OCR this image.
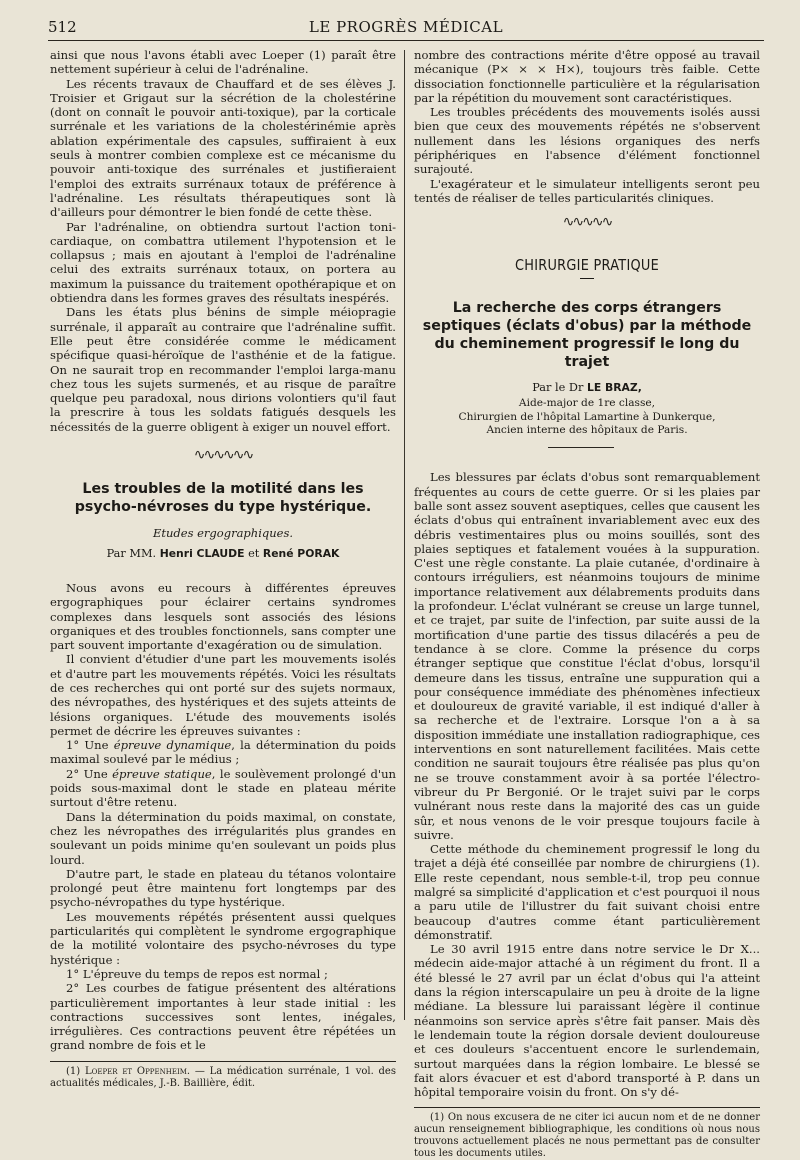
512	LE PROGRÈS MÉDICAL

ainsi que nous l'avons établi avec Loeper (1) paraît être nettement supérieur à celui de l'adrénaline.

Les récents travaux de Chauffard et de ses élèves J. Troisier et Grigaut sur la sécrétion de la cholestérine (dont on connaît le pouvoir anti-toxique), par la corticale surrénale et les variations de la cholestérinémie après ablation expérimentale des capsules, suffiraient à eux seuls à montrer combien complexe est ce mécanisme du pouvoir anti-toxique des surrénales et justifieraient l'emploi des extraits surrénaux totaux de préférence à l'adrénaline. Les résultats thérapeutiques sont là d'ailleurs pour démontrer le bien fondé de cette thèse.

Par l'adrénaline, on obtiendra surtout l'action toni-cardiaque, on combattra utilement l'hypotension et le collapsus ; mais en ajoutant à l'emploi de l'adrénaline celui des extraits surrénaux totaux, on portera au maximum la puissance du traitement opothérapique et on obtiendra dans les formes graves des résultats inespérés.

Dans les états plus bénins de simple méiopragie surrénale, il apparaît au contraire que l'adrénaline suffit. Elle peut être considérée comme le médicament spécifique quasi-héroïque de l'asthénie et de la fatigue. On ne saurait trop en recommander l'emploi larga-manu chez tous les sujets surmenés, et au risque de paraître quelque peu paradoxal, nous dirions volontiers qu'il faut la prescrire à tous les soldats fatigués desquels les nécessités de la guerre obligent à exiger un nouvel effort.

∿∿∿∿∿∿
Les troubles de la motilité dans les psycho-névroses du type hystérique.
Etudes ergographiques.
Par MM. Henri CLAUDE et René PORAK

Nous avons eu recours à différentes épreuves ergographiques pour éclairer certains syndromes complexes dans lesquels sont associés des lésions organiques et des troubles fonctionnels, sans compter une part souvent importante d'exagération ou de simulation.

Il convient d'étudier d'une part les mouvements isolés et d'autre part les mouvements répétés. Voici les résultats de ces recherches qui ont porté sur des sujets normaux, des névropathes, des hystériques et des sujets atteints de lésions organiques. L'étude des mouvements isolés permet de décrire les épreuves suivantes :

1° Une épreuve dynamique, la détermination du poids maximal soulevé par le médius ;

2° Une épreuve statique, le soulèvement prolongé d'un poids sous-maximal dont le stade en plateau mérite surtout d'être retenu.

Dans la détermination du poids maximal, on constate, chez les névropathes des irrégularités plus grandes en soulevant un poids minime qu'en soulevant un poids plus lourd.

D'autre part, le stade en plateau du tétanos volontaire prolongé peut être maintenu fort longtemps par des psycho-névropathes du type hystérique.

Les mouvements répétés présentent aussi quelques particularités qui complètent le syndrome ergographique de la motilité volontaire des psycho-névroses du type hystérique :

1° L'épreuve du temps de repos est normal ;

2° Les courbes de fatigue présentent des altérations particulièrement importantes à leur stade initial : les contractions successives sont lentes, inégales, irrégulières. Ces contractions peuvent être répétées un grand nombre de fois et le

(1) Loeper et Oppenheim. — La médication surrénale, 1 vol. des actualités médicales, J.-B. Baillière, édit.

nombre des contractions mérite d'être opposé au travail mécanique (P× × × H×), toujours très faible. Cette dissociation fonctionnelle particulière et la régularisation par la répétition du mouvement sont caractéristiques.

Les troubles précédents des mouvements isolés aussi bien que ceux des mouvements répétés ne s'observent nullement dans les lésions organiques des nerfs périphériques en l'absence d'élément fonctionnel surajouté.

L'exagérateur et le simulateur intelligents seront peu tentés de réaliser de telles particularités cliniques.

∿∿∿∿∿
CHIRURGIE PRATIQUE
La recherche des corps étrangers septiques (éclats d'obus) par la méthode du cheminement progressif le long du trajet
Par le Dr LE BRAZ,
Aide-major de 1re classe,
Chirurgien de l'hôpital Lamartine à Dunkerque,
Ancien interne des hôpitaux de Paris.

Les blessures par éclats d'obus sont remarquablement fréquentes au cours de cette guerre. Or si les plaies par balle sont assez souvent aseptiques, celles que causent les éclats d'obus qui entraînent invariablement avec eux des débris vestimentaires plus ou moins souillés, sont des plaies septiques et fatalement vouées à la suppuration. C'est une règle constante. La plaie cutanée, d'ordinaire à contours irréguliers, est néanmoins toujours de minime importance relativement aux délabrements produits dans la profondeur. L'éclat vulnérant se creuse un large tunnel, et ce trajet, par suite de l'infection, par suite aussi de la mortification d'une partie des tissus dilacérés a peu de tendance à se clore. Comme la présence du corps étranger septique que constitue l'éclat d'obus, lorsqu'il demeure dans les tissus, entraîne une suppuration qui a pour conséquence immédiate des phénomènes infectieux et douloureux de gravité variable, il est indiqué d'aller à sa recherche et de l'extraire. Lorsque l'on a à sa disposition immédiate une installation radiographique, ces interventions en sont naturellement facilitées. Mais cette condition ne saurait toujours être réalisée pas plus qu'on ne se trouve constamment avoir à sa portée l'électro-vibreur du Pr Bergonié. Or le trajet suivi par le corps vulnérant nous reste dans la majorité des cas un guide sûr, et nous venons de le voir presque toujours facile à suivre.

Cette méthode du cheminement progressif le long du trajet a déjà été conseillée par nombre de chirurgiens (1). Elle reste cependant, nous semble-t-il, trop peu connue malgré sa simplicité d'application et c'est pourquoi il nous a paru utile de l'illustrer du fait suivant choisi entre beaucoup d'autres comme étant particulièrement démonstratif.

Le 30 avril 1915 entre dans notre service le Dr X... médecin aide-major attaché à un régiment du front. Il a été blessé le 27 avril par un éclat d'obus qui l'a atteint dans la région interscapulaire un peu à droite de la ligne médiane. La blessure lui paraissant légère il continue néanmoins son service après s'être fait panser. Mais dès le lendemain toute la région dorsale devient douloureuse et ces douleurs s'accentuent encore le surlendemain, surtout marquées dans la région lombaire. Le blessé se fait alors évacuer et est d'abord transporté à P. dans un hôpital temporaire voisin du front. On s'y dé-

(1) On nous excusera de ne citer ici aucun nom et de ne donner aucun renseignement bibliographique, les conditions où nous nous trouvons actuellement placés ne nous permettant pas de consulter tous les documents utiles.
